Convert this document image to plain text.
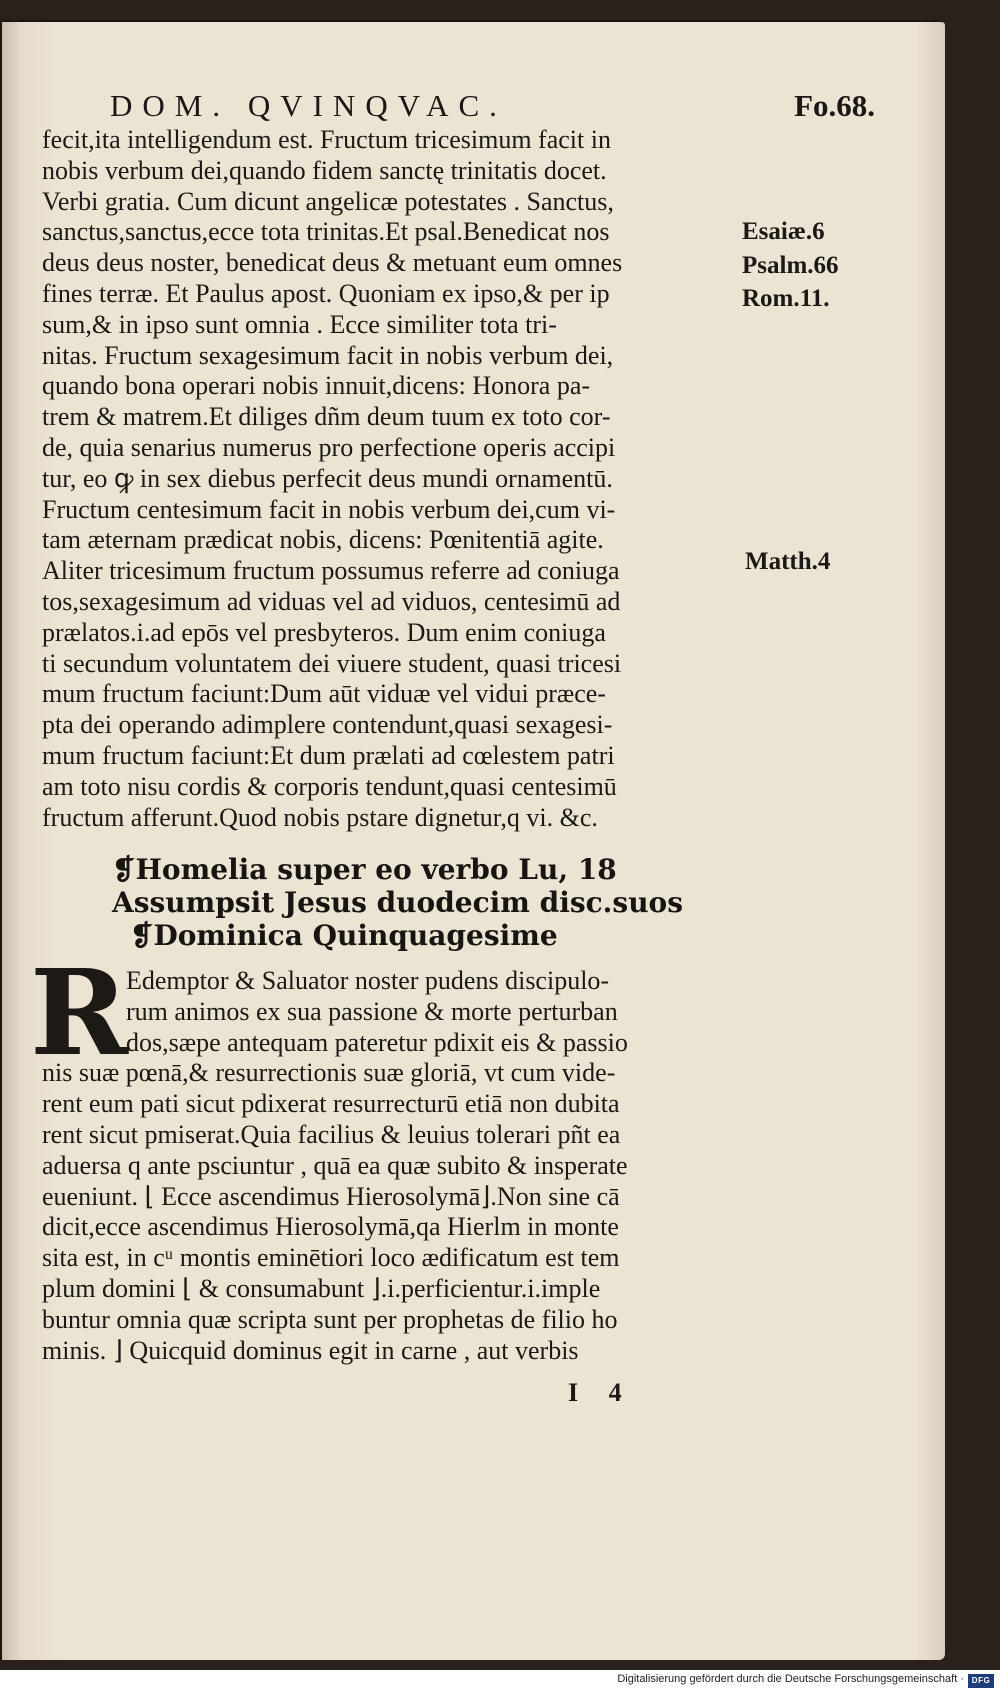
DOM. QVINQVAC.	Fo.68.
fecit,ita intelligendum est. Fructum tricesimum facit in
nobis verbum dei,quando fidem sanctę trinitatis docet.
Verbi gratia. Cum dicunt angelicæ potestates . Sanctus,
sanctus,sanctus,ecce tota trinitas.Et psal.Benedicat nos
deus deus noster, benedicat deus & metuant eum omnes
fines terræ. Et Paulus apost. Quoniam ex ipso,& per ip
sum,& in ipso sunt omnia . Ecce similiter tota tri-
nitas. Fructum sexagesimum facit in nobis verbum dei,
quando bona operari nobis innuit,dicens: Honora pa-
trem & matrem.Et diliges dñm deum tuum ex toto cor-
de, quia senarius numerus pro perfectione operis accipi
tur, eo ꝙ in sex diebus perfecit deus mundi ornamentū.
Fructum centesimum facit in nobis verbum dei,cum vi-
tam æternam prædicat nobis, dicens: Pœnitentiā agite.
Aliter tricesimum fructum possumus referre ad coniuga
tos,sexagesimum ad viduas vel ad viduos, centesimū ad
prælatos.i.ad epōs vel presbyteros. Dum enim coniuga
ti secundum voluntatem dei viuere student, quasi tricesi
mum fructum faciunt:Dum aūt viduæ vel vidui præce-
pta dei operando adimplere contendunt,quasi sexagesi-
mum fructum faciunt:Et dum prælati ad cœlestem patri
am toto nisu cordis & corporis tendunt,quasi centesimū
fructum afferunt.Quod nobis pstare dignetur,q vi. &c.
Esaiæ.6
Psalm.66
Rom.11.
Matth.4
❡Homelia super eo verbo Lu, 18
Assumpsit Jesus duodecim disc.suos
❡Dominica Quinquagesime
R
Edemptor & Saluator noster pudens discipulo-
rum animos ex sua passione & morte perturban
dos,sæpe antequam pateretur pdixit eis & passio
nis suæ pœnā,& resurrectionis suæ gloriā, vt cum vide-
rent eum pati sicut pdixerat resurrecturū etiā non dubita
rent sicut pmiserat.Quia facilius & leuius tolerari pñt ea
aduersa q ante psciuntur , quā ea quæ subito & insperate
eueniunt. ⌊ Ecce ascendimus Hierosolymā⌋.Non sine cā
dicit,ecce ascendimus Hierosolymā,qa Hierlm in monte
sita est, in cᵘ montis eminētiori loco ædificatum est tem
plum domini ⌊ & consumabunt ⌋.i.perficientur.i.imple
buntur omnia quæ scripta sunt per prophetas de filio ho
minis. ⌋ Quicquid dominus egit in carne , aut verbis
I 4
Digitalisierung gefördert durch die Deutsche Forschungsgemeinschaft · DFG
